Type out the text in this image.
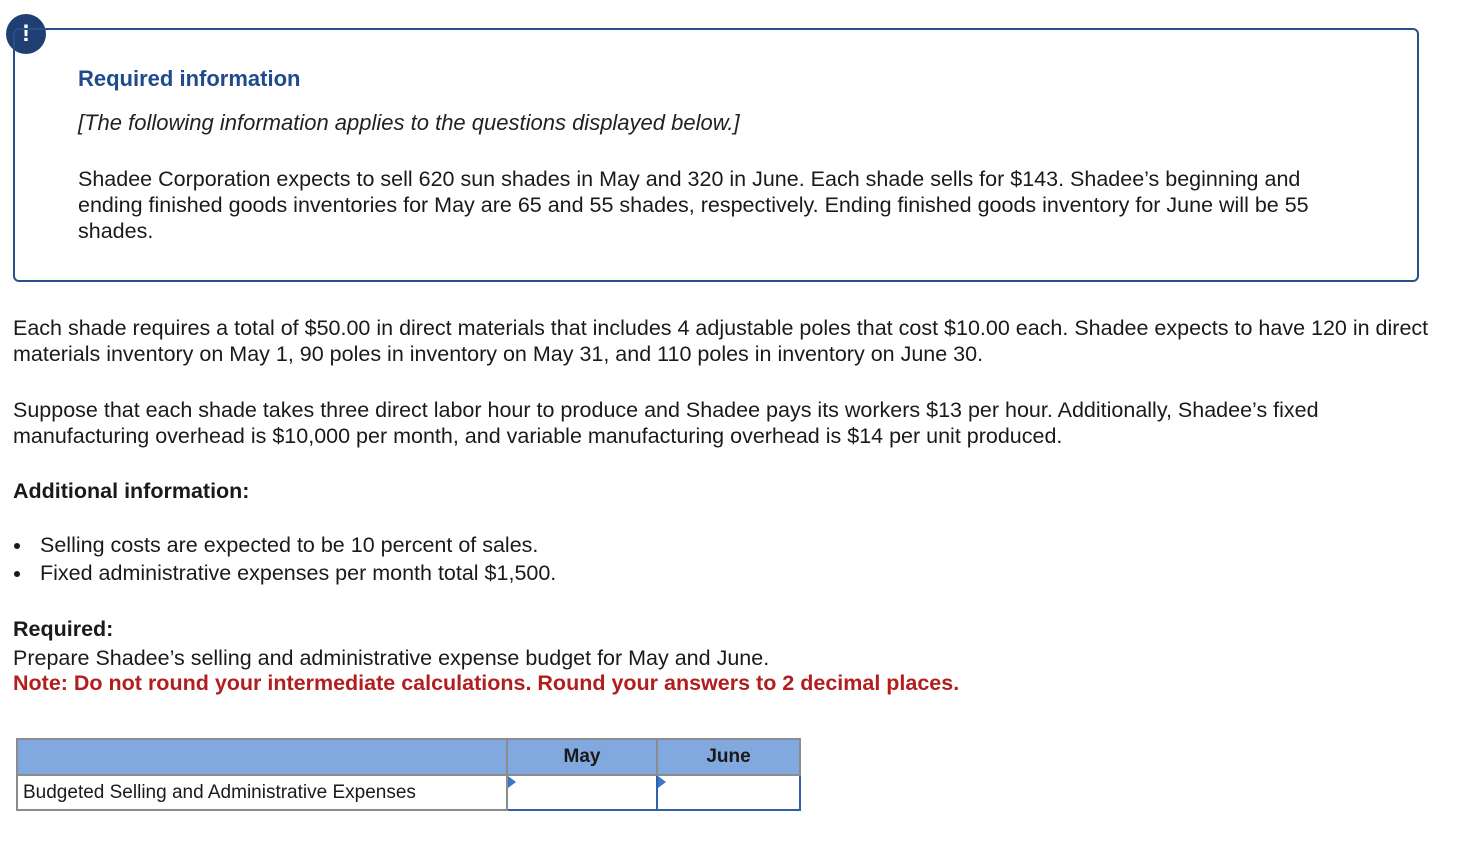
!
Required information
[The following information applies to the questions displayed below.]
Shadee Corporation expects to sell 620 sun shades in May and 320 in June. Each shade sells for $143. Shadee’s beginning and ending finished goods inventories for May are 65 and 55 shades, respectively. Ending finished goods inventory for June will be 55 shades.
Each shade requires a total of $50.00 in direct materials that includes 4 adjustable poles that cost $10.00 each. Shadee expects to have 120 in direct materials inventory on May 1, 90 poles in inventory on May 31, and 110 poles in inventory on June 30.
Suppose that each shade takes three direct labor hour to produce and Shadee pays its workers $13 per hour. Additionally, Shadee’s fixed manufacturing overhead is $10,000 per month, and variable manufacturing overhead is $14 per unit produced.
Additional information:
Selling costs are expected to be 10 percent of sales.
Fixed administrative expenses per month total $1,500.
Required:
Prepare Shadee’s selling and administrative expense budget for May and June.
Note: Do not round your intermediate calculations. Round your answers to 2 decimal places.
	May	June
Budgeted Selling and Administrative Expenses	
